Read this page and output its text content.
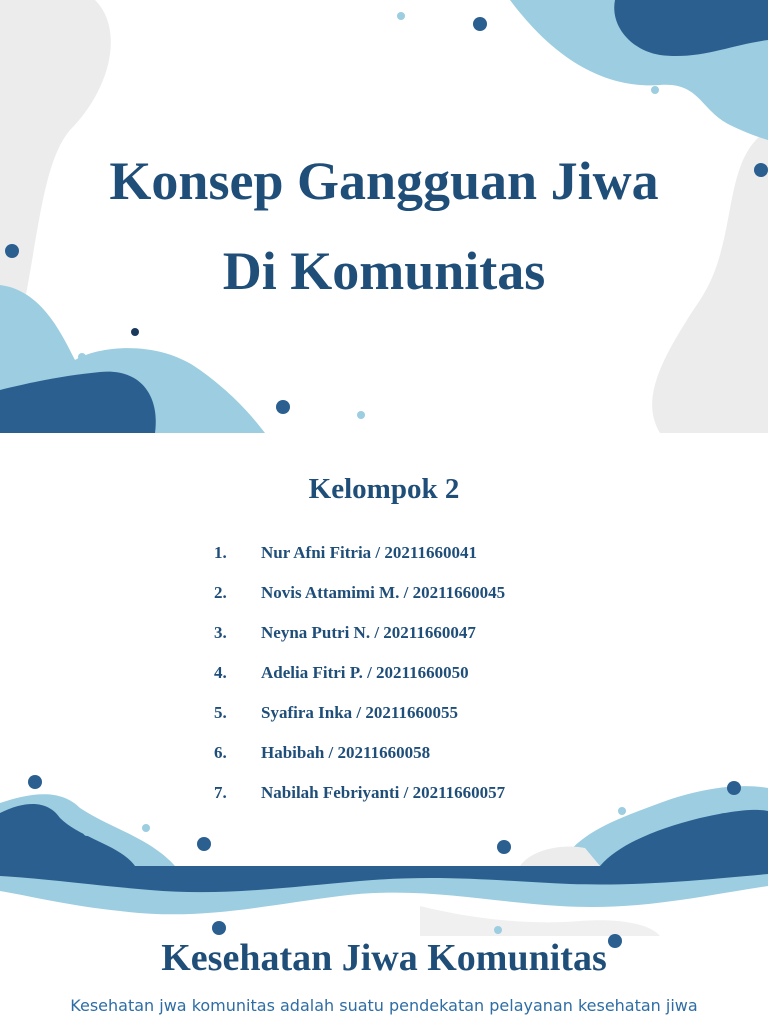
Konsep Gangguan Jiwa
Di Komunitas
Kelompok 2
1.	Nur Afni Fitria / 20211660041
2.	Novis Attamimi M. / 20211660045
3.	Neyna Putri N. / 20211660047
4.	Adelia Fitri P. / 20211660050
5.	Syafira Inka / 20211660055
6.	Habibah / 20211660058
7.	Nabilah Febriyanti / 20211660057
Kesehatan Jiwa Komunitas
Kesehatan jwa komunitas adalah suatu pendekatan pelayanan kesehatan jiwa
